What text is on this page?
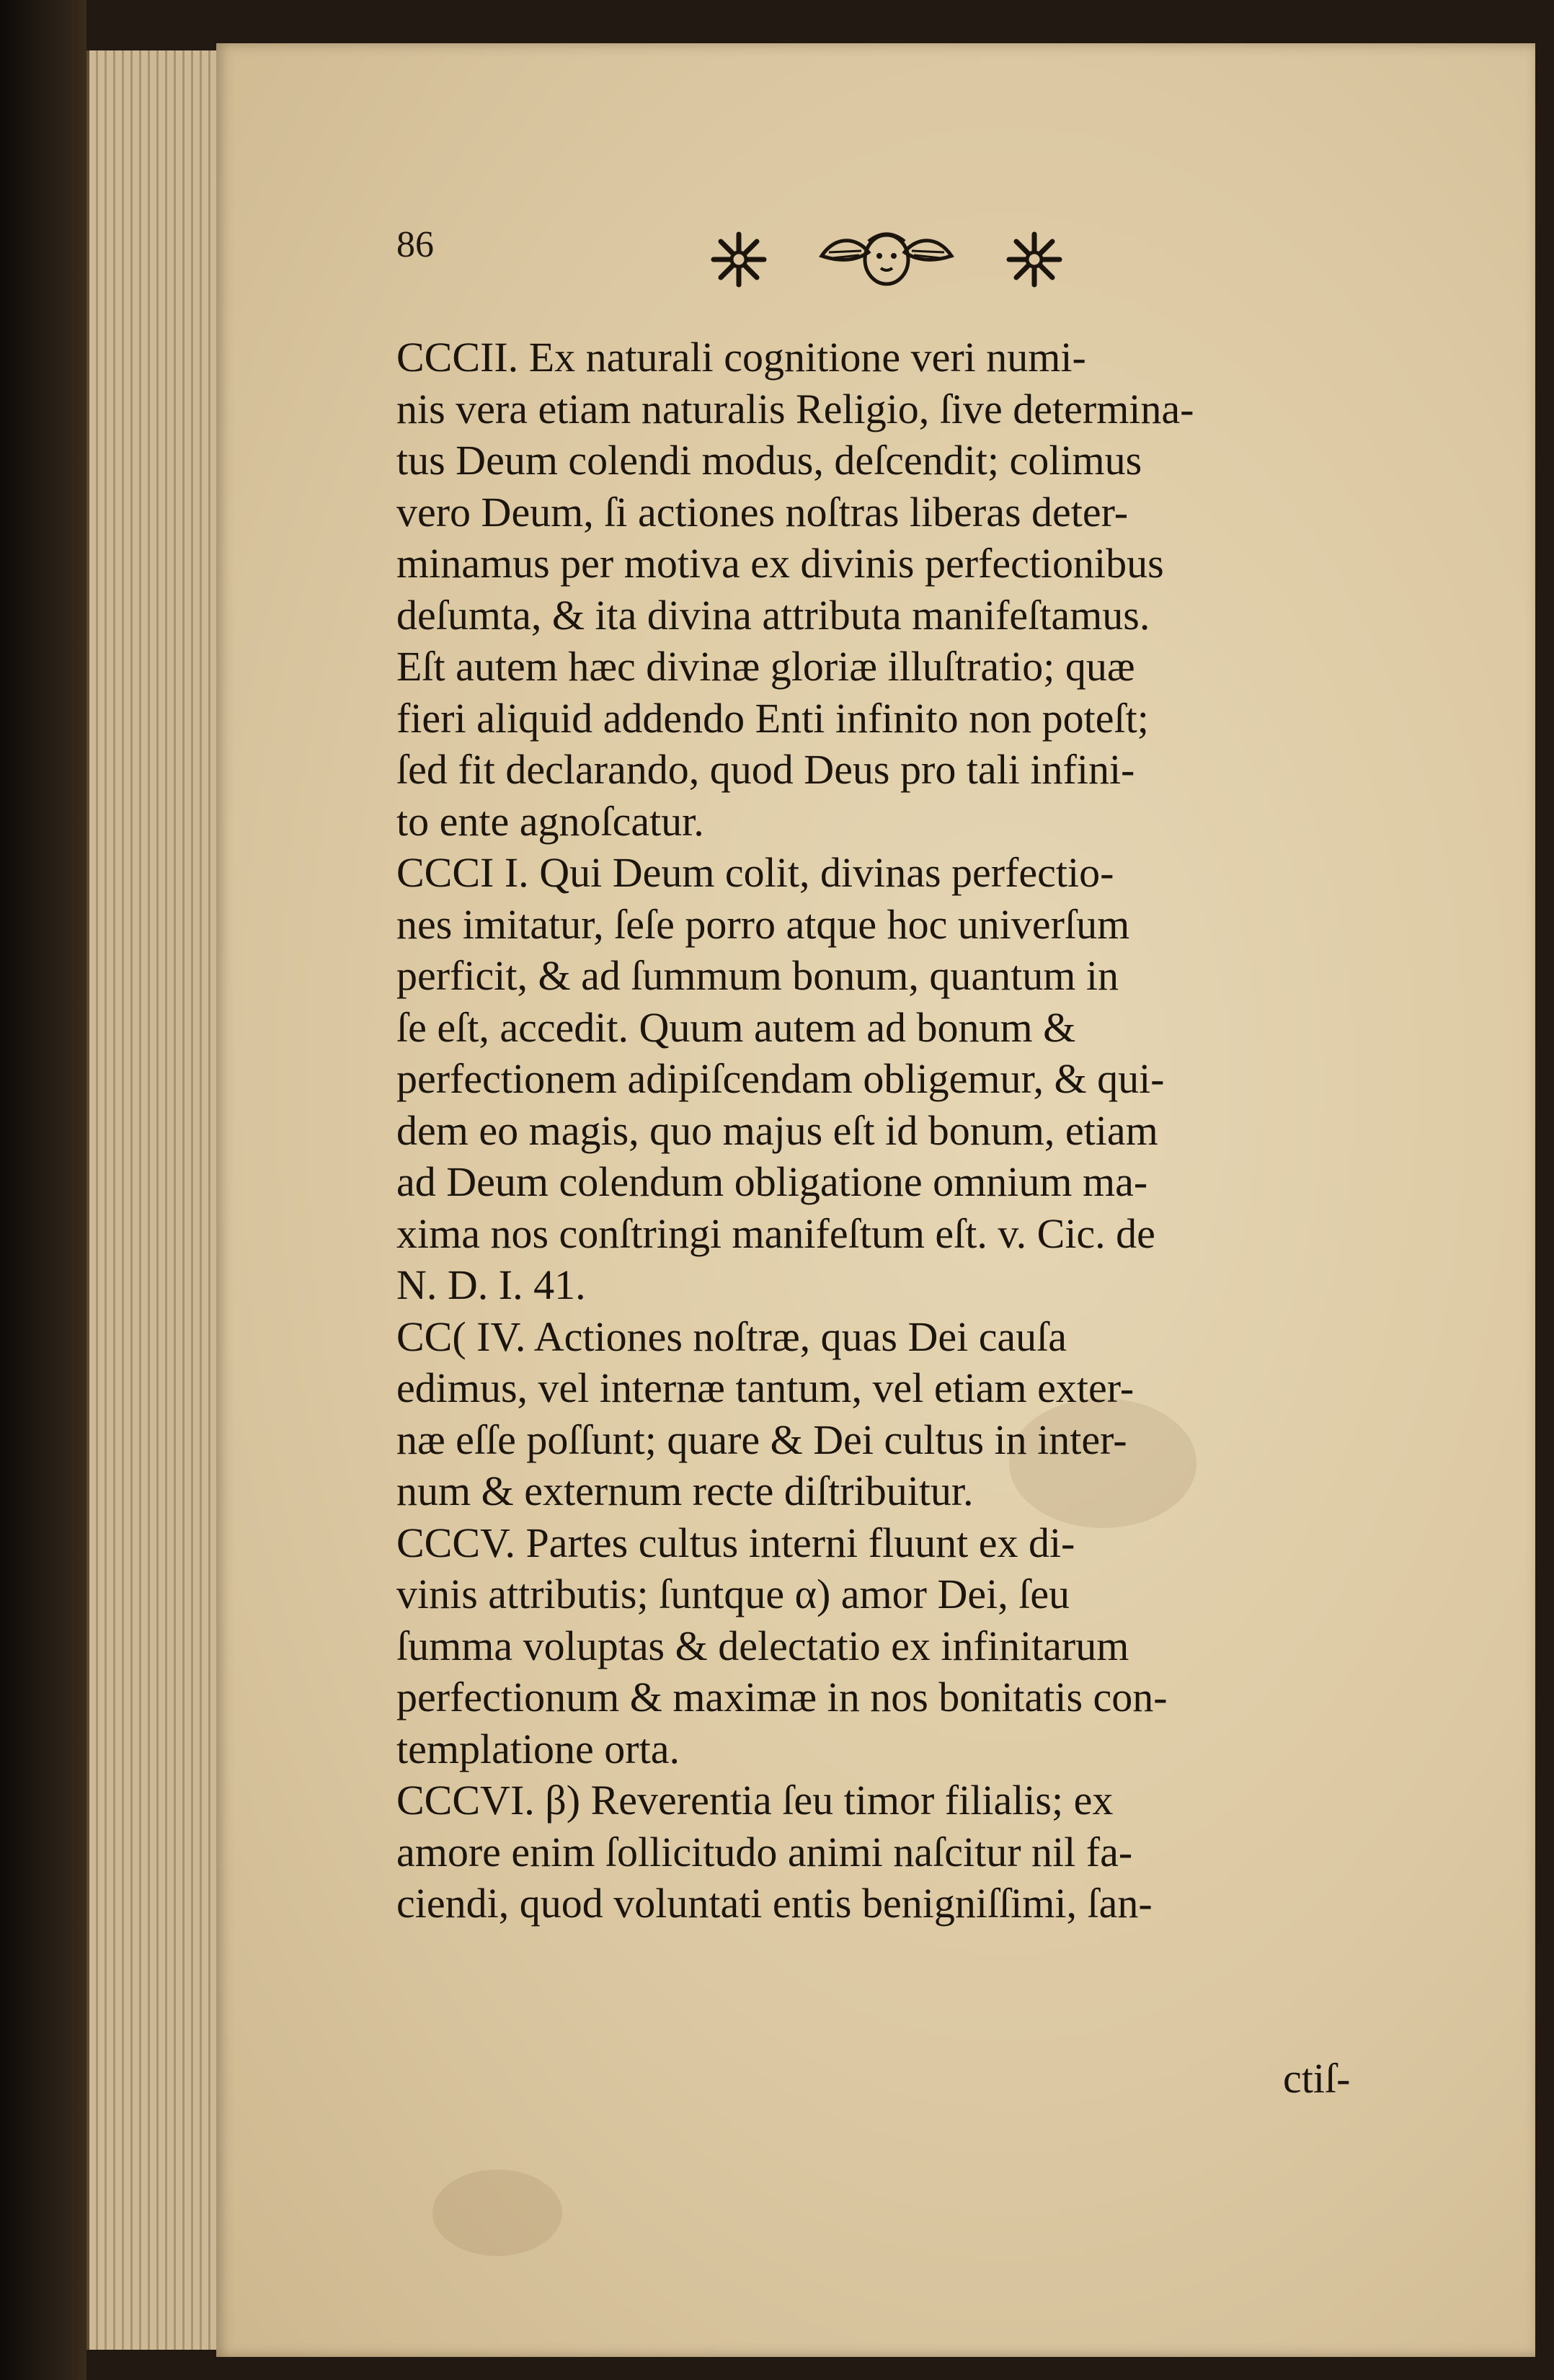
86
CCCII. Ex naturali cognitione veri numi-
nis vera etiam naturalis Religio, ſive determina-
tus Deum colendi modus, deſcendit; colimus
vero Deum, ſi actiones noſtras liberas deter-
minamus per motiva ex divinis perfectionibus
deſumta, & ita divina attributa manifeſtamus.
Eſt autem hæc divinæ gloriæ illuſtratio; quæ
fieri aliquid addendo Enti infinito non poteſt;
ſed fit declarando, quod Deus pro tali infini-
to ente agnoſcatur.
CCCI I. Qui Deum colit, divinas perfectio-
nes imitatur, ſeſe porro atque hoc univerſum
perficit, & ad ſummum bonum, quantum in
ſe eſt, accedit. Quum autem ad bonum &
perfectionem adipiſcendam obligemur, & qui-
dem eo magis, quo majus eſt id bonum, etiam
ad Deum colendum obligatione omnium ma-
xima nos conſtringi manifeſtum eſt. v. Cic. de
N. D. I. 41.
CC( IV. Actiones noſtræ, quas Dei cauſa
edimus, vel internæ tantum, vel etiam exter-
næ eſſe poſſunt; quare & Dei cultus in inter-
num & externum recte diſtribuitur.
CCCV. Partes cultus interni fluunt ex di-
vinis attributis; ſuntque α) amor Dei, ſeu
ſumma voluptas & delectatio ex infinitarum
perfectionum & maximæ in nos bonitatis con-
templatione orta.
CCCVI. β) Reverentia ſeu timor filialis; ex
amore enim ſollicitudo animi naſcitur nil fa-
ciendi, quod voluntati entis benigniſſimi, ſan-
ctiſ-
